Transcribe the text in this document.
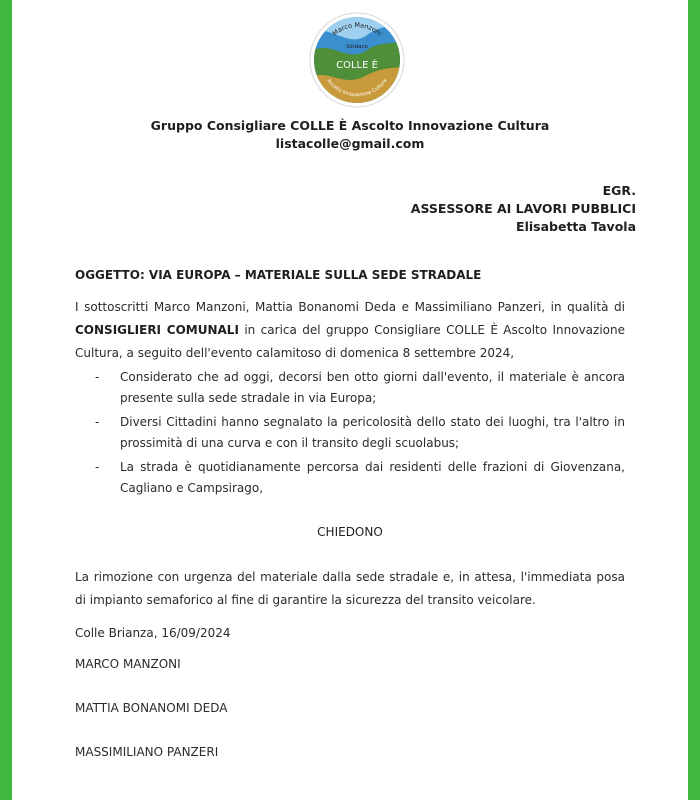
Marco Manzoni
Sindaco
COLLE È
Ascolto Innovazione Cultura
Gruppo Consigliare COLLE È Ascolto Innovazione Cultura
listacolle@gmail.com
EGR.
ASSESSORE AI LAVORI PUBBLICI
Elisabetta Tavola
OGGETTO: VIA EUROPA – MATERIALE SULLA SEDE STRADALE
I sottoscritti Marco Manzoni, Mattia Bonanomi Deda e Massimiliano Panzeri, in qualità di CONSIGLIERI COMUNALI in carica del gruppo Consigliare COLLE È Ascolto Innovazione Cultura, a seguito dell'evento calamitoso di domenica 8 settembre 2024,
- Considerato che ad oggi, decorsi ben otto giorni dall'evento, il materiale è ancora presente sulla sede stradale in via Europa;
- Diversi Cittadini hanno segnalato la pericolosità dello stato dei luoghi, tra l'altro in prossimità di una curva e con il transito degli scuolabus;
- La strada è quotidianamente percorsa dai residenti delle frazioni di Giovenzana, Cagliano e Campsirago,
CHIEDONO
La rimozione con urgenza del materiale dalla sede stradale e, in attesa, l'immediata posa di impianto semaforico al fine di garantire la sicurezza del transito veicolare.
Colle Brianza, 16/09/2024
MARCO MANZONI
MATTIA BONANOMI DEDA
MASSIMILIANO PANZERI
